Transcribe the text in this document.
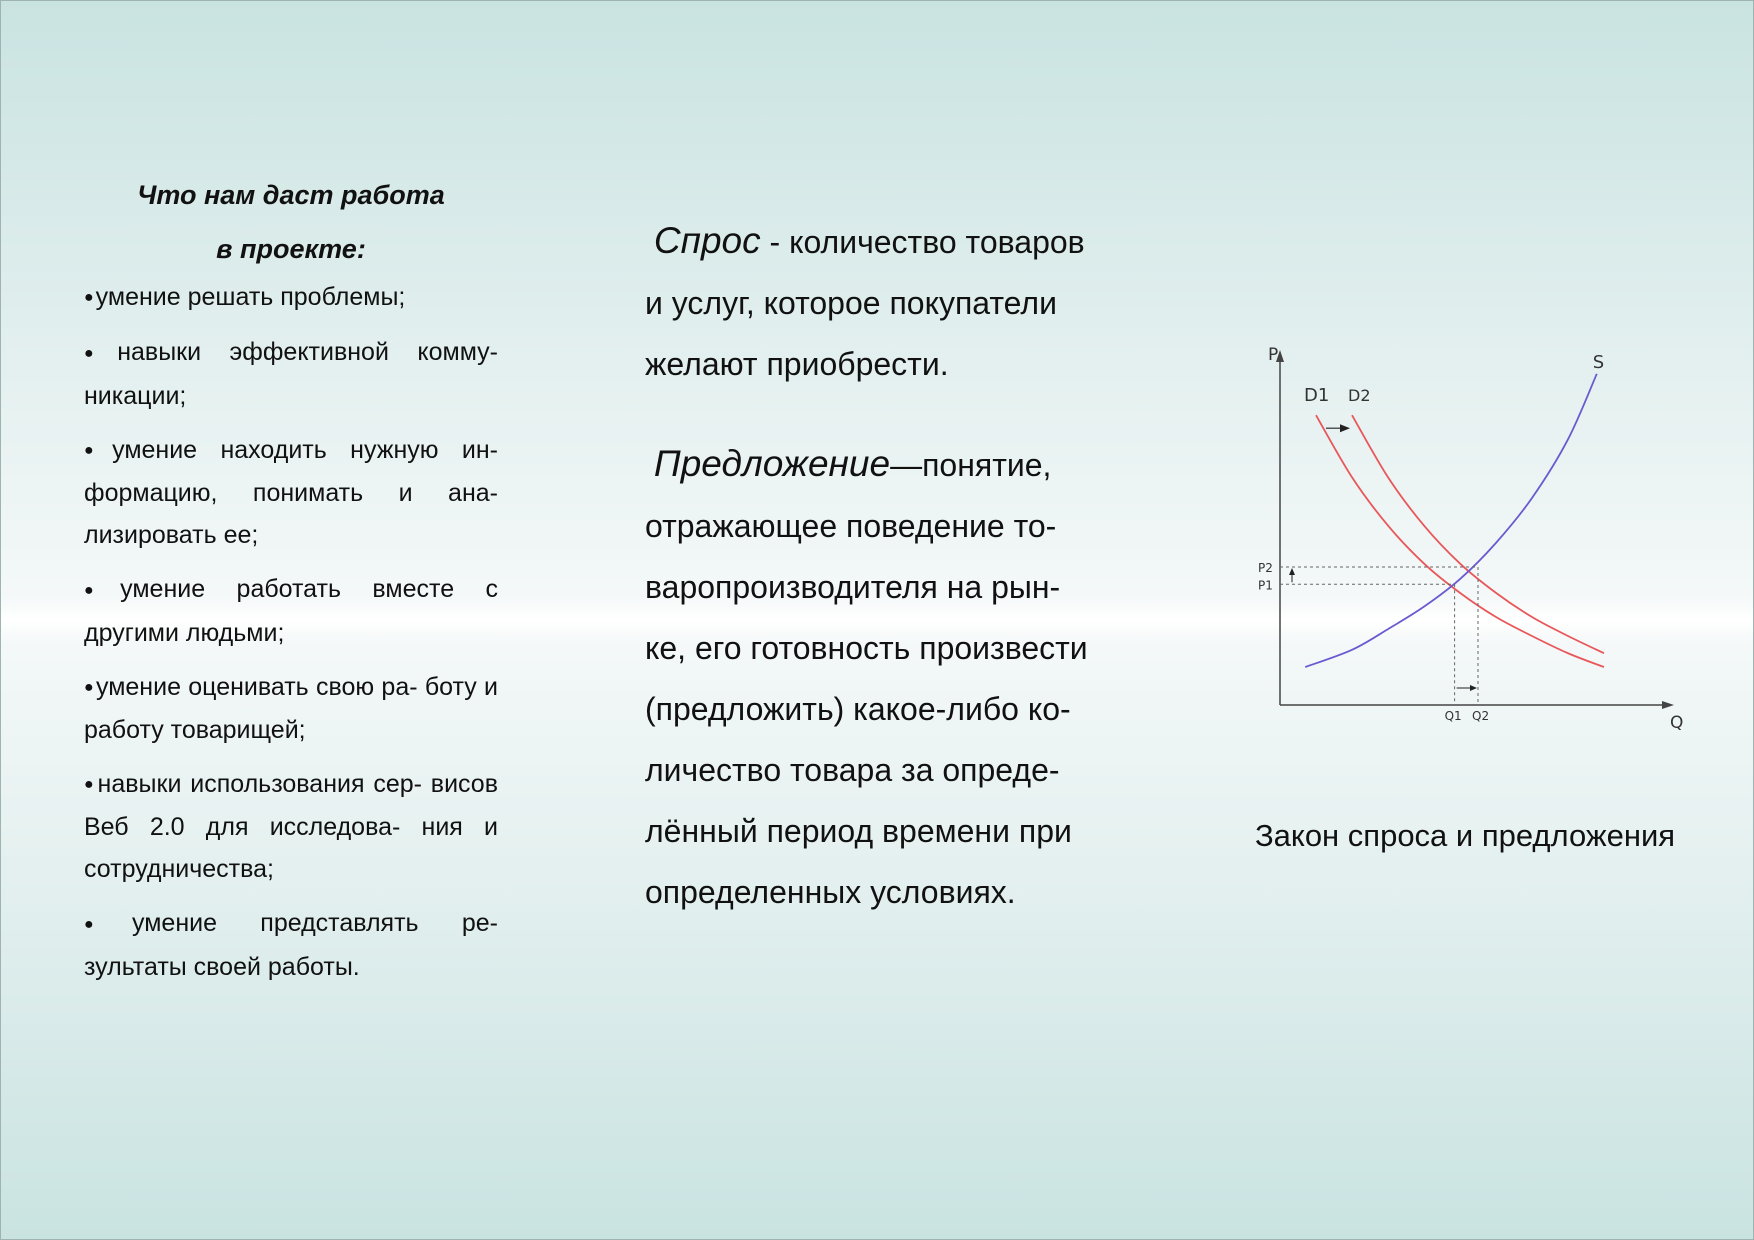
Что нам даст работа

в проекте:

●умение решать проблемы;
●навыки эффективной комму- никации;
●умение находить нужную ин- формацию, понимать и ана- лизировать ее;
●умение работать вместе с другими людьми;
●умение оценивать свою ра- боту и работу товарищей;
●навыки использования сер- висов Веб 2.0 для исследова- ния и сотрудничества;
●умение представлять ре- зультаты своей работы.

Спрос - количество товаров и услуг, которое покупатели желают приобрести.

Предложение—понятие, отражающее поведение то- варопроизводителя на рын- ке, его готовность произвести (предложить) какое-либо ко- личество товара за опреде- лённый период времени при определенных условиях.

P
Q
D1 D2
S
P2
P1
Q1 Q2
Закон спроса и предложения
